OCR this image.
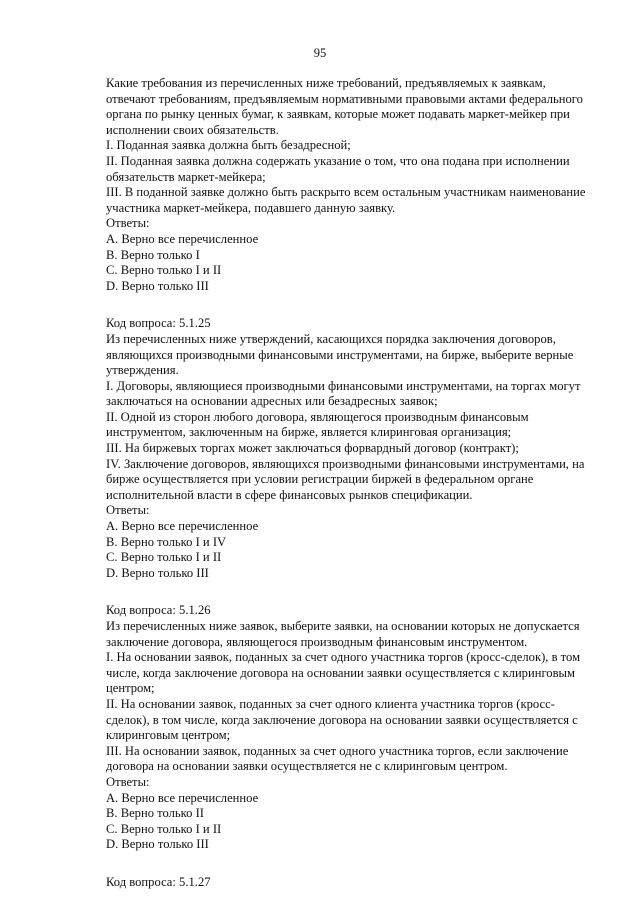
95
Какие требования из перечисленных ниже требований, предъявляемых к заявкам,
отвечают требованиям, предъявляемым нормативными правовыми актами федерального
органа по рынку ценных бумаг, к заявкам, которые может подавать маркет-мейкер при
исполнении своих обязательств.
I. Поданная заявка должна быть безадресной;
II. Поданная заявка должна содержать указание о том, что она подана при исполнении
обязательств маркет-мейкера;
III. В поданной заявке должно быть раскрыто всем остальным участникам наименование
участника маркет-мейкера, подавшего данную заявку.
Ответы:
A. Верно все перечисленное
B. Верно только I
C. Верно только I и II
D. Верно только III
Код вопроса: 5.1.25
Из перечисленных ниже утверждений, касающихся порядка заключения договоров,
являющихся производными финансовыми инструментами, на бирже, выберите верные
утверждения.
I. Договоры, являющиеся производными финансовыми инструментами, на торгах могут
заключаться на основании адресных или безадресных заявок;
II. Одной из сторон любого договора, являющегося производным финансовым
инструментом, заключенным на бирже, является клиринговая организация;
III. На биржевых торгах может заключаться форвардный договор (контракт);
IV. Заключение договоров, являющихся производными финансовыми инструментами, на
бирже осуществляется при условии регистрации биржей в федеральном органе
исполнительной власти в сфере финансовых рынков спецификации.
Ответы:
A. Верно все перечисленное
B. Верно только I и IV
C. Верно только I и II
D. Верно только III
Код вопроса: 5.1.26
Из перечисленных ниже заявок, выберите заявки, на основании которых не допускается
заключение договора, являющегося производным финансовым инструментом.
I. На основании заявок, поданных за счет одного участника торгов (кросс-сделок), в том
числе, когда заключение договора на основании заявки осуществляется с клиринговым
центром;
II. На основании заявок, поданных за счет одного клиента участника торгов (кросс-
сделок), в том числе, когда заключение договора на основании заявки осуществляется с
клиринговым центром;
III. На основании заявок, поданных за счет одного участника торгов, если заключение
договора на основании заявки осуществляется не с клиринговым центром.
Ответы:
A. Верно все перечисленное
B. Верно только II
C. Верно только I и II
D. Верно только III
Код вопроса: 5.1.27
